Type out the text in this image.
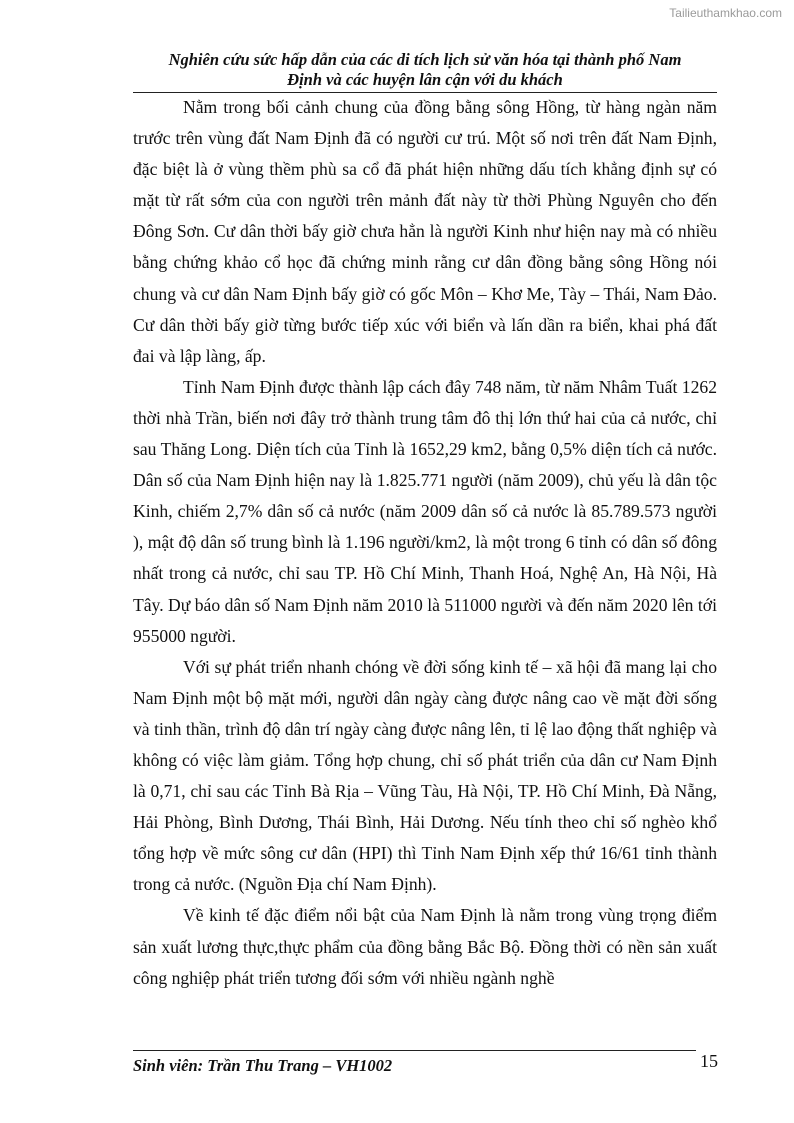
Tailieuthamkhao.com
Nghiên cứu sức hấp dẫn của các di tích lịch sử văn hóa tại thành phố Nam
Định và các huyện lân cận với du khách

Nằm trong bối cảnh chung của đồng bằng sông Hồng, từ hàng ngàn năm trước trên vùng đất Nam Định đã có người cư trú. Một số nơi trên đất Nam Định, đặc biệt là ở vùng thềm phù sa cổ đã phát hiện những dấu tích khẳng định sự có mặt từ rất sớm của con người trên mảnh đất này từ thời Phùng Nguyên cho đến Đông Sơn. Cư dân thời bấy giờ chưa hẳn là người Kinh như hiện nay mà có nhiều bằng chứng khảo cổ học đã chứng minh rằng cư dân đồng bằng sông Hồng nói chung và cư dân Nam Định bấy giờ có gốc Môn – Khơ Me, Tày – Thái, Nam Đảo. Cư dân thời bấy giờ từng bước tiếp xúc với biển và lấn dần ra biển, khai phá đất đai và lập làng, ấp.

Tỉnh Nam Định được thành lập cách đây 748 năm, từ năm Nhâm Tuất 1262 thời nhà Trần, biến nơi đây trở thành trung tâm đô thị lớn thứ hai của cả nước, chỉ sau Thăng Long. Diện tích của Tỉnh là 1652,29 km2, bằng 0,5% diện tích cả nước. Dân số của Nam Định hiện nay là 1.825.771 người (năm 2009), chủ yếu là dân tộc Kinh, chiếm 2,7% dân số cả nước (năm 2009 dân số cả nước là 85.789.573 người ), mật độ dân số trung bình là 1.196 người/km2, là một trong 6 tỉnh có dân số đông nhất trong cả nước, chỉ sau TP. Hồ Chí Minh, Thanh Hoá, Nghệ An, Hà Nội, Hà Tây. Dự báo dân số Nam Định năm 2010 là 511000 người và đến năm 2020 lên tới 955000 người.

Với sự phát triển nhanh chóng về đời sống kinh tế – xã hội đã mang lại cho Nam Định một bộ mặt mới, người dân ngày càng được nâng cao về mặt đời sống và tinh thần, trình độ dân trí ngày càng được nâng lên, tỉ lệ lao động thất nghiệp và không có việc làm giảm. Tổng hợp chung, chỉ số phát triển của dân cư Nam Định là 0,71, chỉ sau các Tỉnh Bà Rịa – Vũng Tàu, Hà Nội, TP. Hồ Chí Minh, Đà Nẵng, Hải Phòng, Bình Dương, Thái Bình, Hải Dương. Nếu tính theo chỉ số nghèo khổ tổng hợp về mức sông cư dân (HPI) thì Tỉnh Nam Định xếp thứ 16/61 tỉnh thành trong cả nước. (Nguồn Địa chí Nam Định).

Về kinh tế đặc điểm nổi bật của Nam Định là nằm trong vùng trọng điểm sản xuất lương thực,thực phẩm của đồng bằng Bắc Bộ. Đồng thời có nền sản xuất công nghiệp phát triển tương đối sớm với nhiều ngành nghề

Sinh viên: Trần Thu Trang – VH1002	15
